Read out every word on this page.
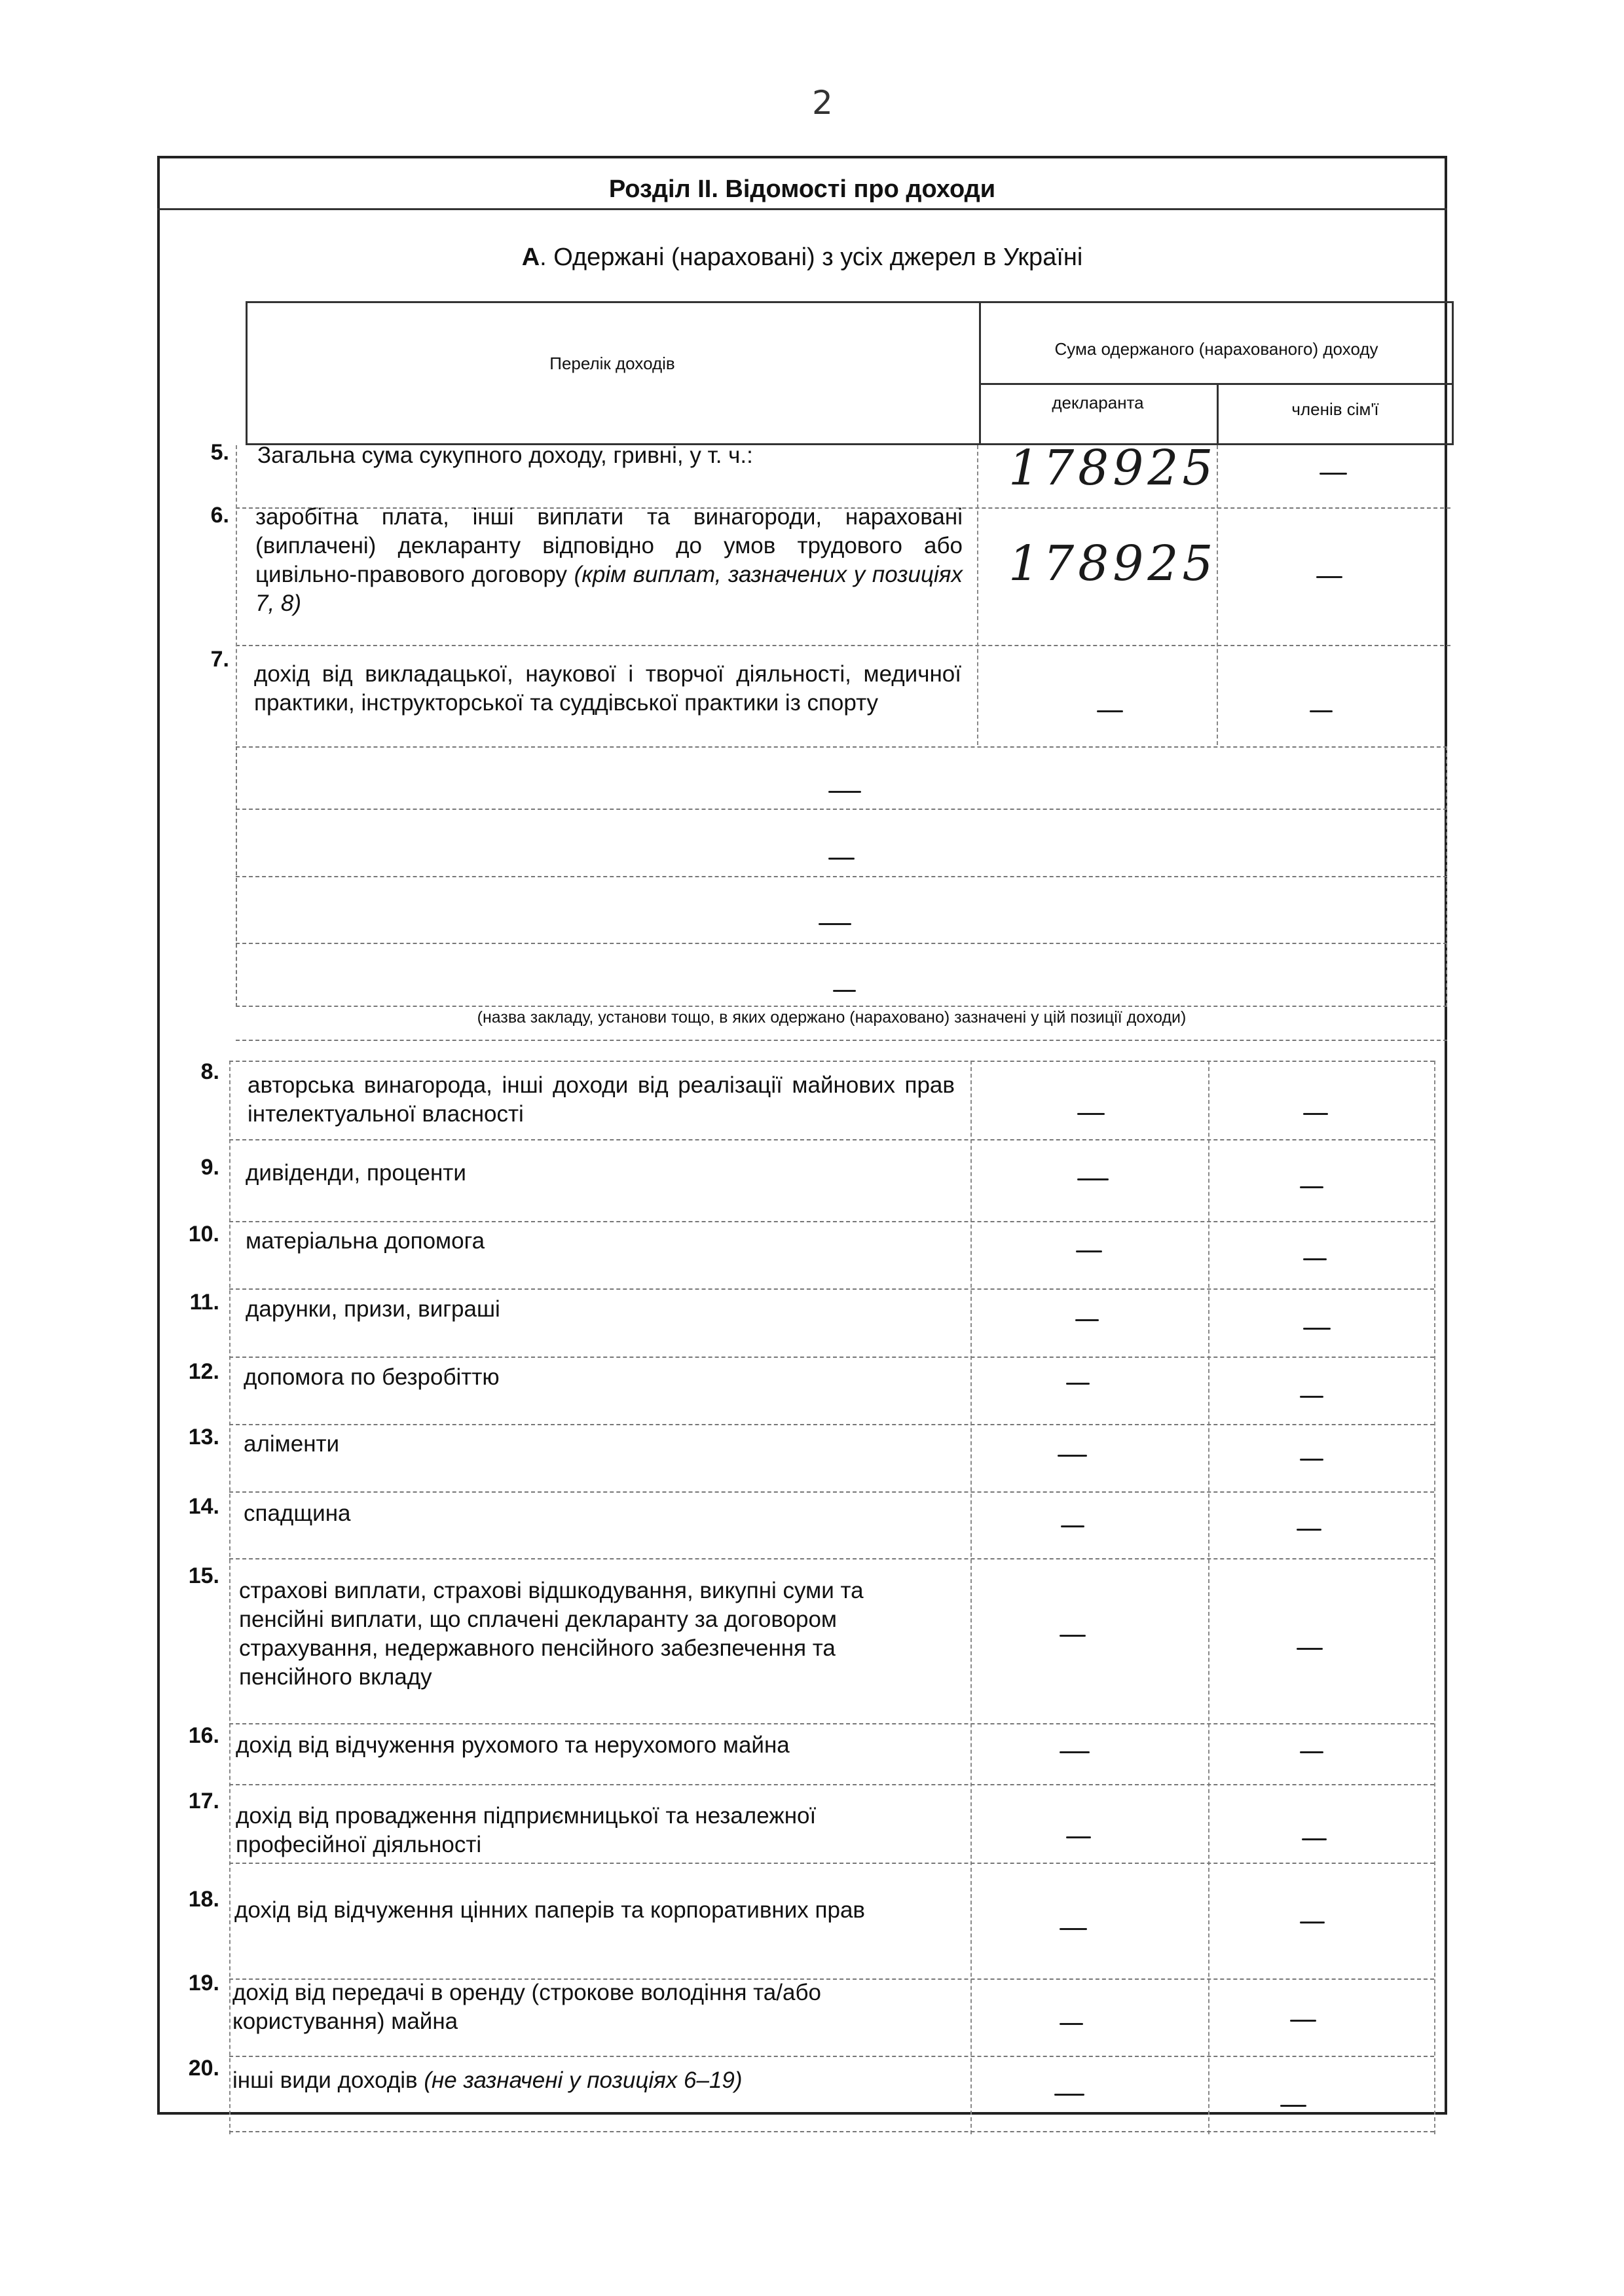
2
Розділ ІІ. Відомості про доходи
А. Одержані (нараховані) з усіх джерел в Україні
Перелік доходів
Сума одержаного (нарахованого) доходу
декларанта	членів сім'ї
5. Загальна сума сукупного доходу, гривні, у т. ч.:	178925
6. заробітна плата, інші виплати та винагороди, нараховані (виплачені) декларанту відповідно до умов трудового або цивільно-правового договору (крім виплат, зазначених у позиціях 7, 8)
178925
7.
дохід від викладацької, наукової і творчої діяльності, медичної практики, інструкторської та суддівської практики із спорту
(назва закладу, установи тощо, в яких одержано (нараховано) зазначені у цій позиції доходи)
8.
авторська винагорода, інші доходи від реалізації майнових прав інтелектуальної власності
9. дивіденди, проценти
10. матеріальна допомога
11. дарунки, призи, виграші
12. допомога по безробіттю
13. аліменти
14. спадщина
15.
страхові виплати, страхові відшкодування, викупні суми та пенсійні виплати, що сплачені декларанту за договором страхування, недержавного пенсійного забезпечення та пенсійного вкладу
16. дохід від відчуження рухомого та нерухомого майна
17.
дохід від провадження підприємницької та незалежної професійної діяльності
18. дохід від відчуження цінних паперів та корпоративних прав
19. дохід від передачі в оренду (строкове володіння та/або користування) майна
20. інші види доходів (не зазначені у позиціях 6–19)
